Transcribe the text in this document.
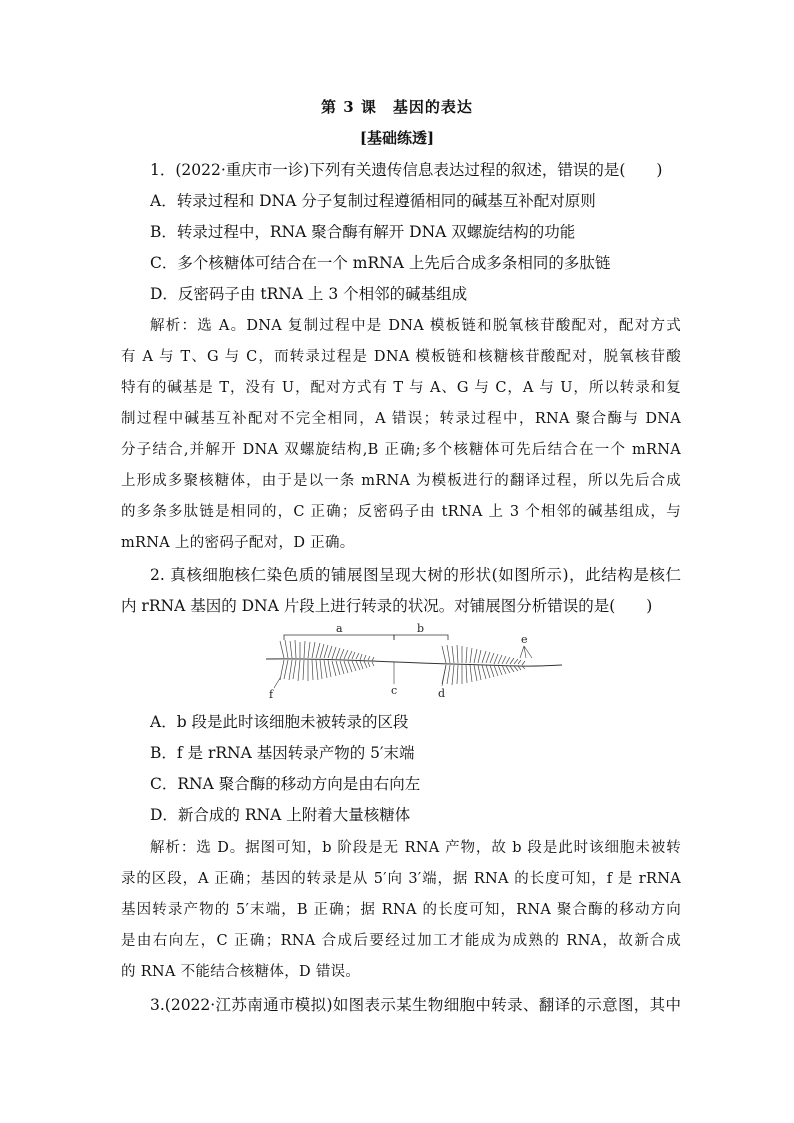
第 3 课　基因的表达
[基础练透]
1．(2022·重庆市一诊)下列有关遗传信息表达过程的叙述，错误的是(　　)
A．转录过程和 DNA 分子复制过程遵循相同的碱基互补配对原则
B．转录过程中，RNA 聚合酶有解开 DNA 双螺旋结构的功能
C．多个核糖体可结合在一个 mRNA 上先后合成多条相同的多肽链
D．反密码子由 tRNA 上 3 个相邻的碱基组成
解析：选 A。DNA 复制过程中是 DNA 模板链和脱氧核苷酸配对，配对方式
有 A 与 T、G 与 C，而转录过程是 DNA 模板链和核糖核苷酸配对，脱氧核苷酸
特有的碱基是 T，没有 U，配对方式有 T 与 A、G 与 C，A 与 U，所以转录和复
制过程中碱基互补配对不完全相同，A 错误；转录过程中，RNA 聚合酶与 DNA
分子结合,并解开 DNA 双螺旋结构,B 正确;多个核糖体可先后结合在一个 mRNA
上形成多聚核糖体，由于是以一条 mRNA 为模板进行的翻译过程，所以先后合成
的多条多肽链是相同的，C 正确；反密码子由 tRNA 上 3 个相邻的碱基组成，与
mRNA 上的密码子配对，D 正确。
2. 真核细胞核仁染色质的铺展图呈现大树的形状(如图所示)，此结构是核仁
内 rRNA 基因的 DNA 片段上进行转录的状况。对铺展图分析错误的是(　　)
a	b
e
f	c	d
A．b 段是此时该细胞未被转录的区段
B．f 是 rRNA 基因转录产物的 5′末端
C．RNA 聚合酶的移动方向是由右向左
D．新合成的 RNA 上附着大量核糖体
解析：选 D。据图可知，b 阶段是无 RNA 产物，故 b 段是此时该细胞未被转
录的区段，A 正确；基因的转录是从 5′向 3′端，据 RNA 的长度可知，f 是 rRNA
基因转录产物的 5′末端，B 正确；据 RNA 的长度可知，RNA 聚合酶的移动方向
是由右向左，C 正确；RNA 合成后要经过加工才能成为成熟的 RNA，故新合成
的 RNA 不能结合核糖体，D 错误。
3.(2022·江苏南通市模拟)如图表示某生物细胞中转录、翻译的示意图，其中
